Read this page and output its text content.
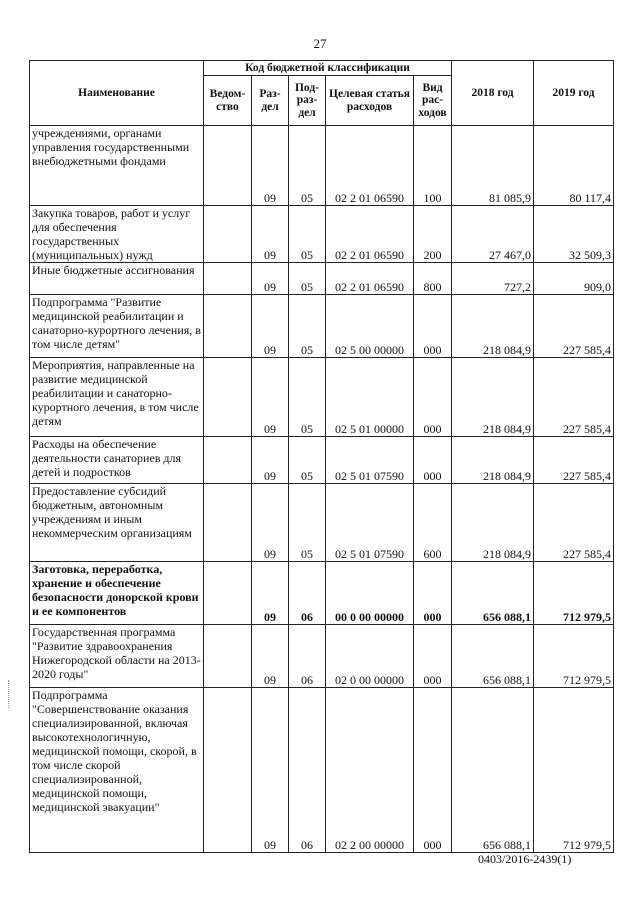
27
Наименование	Код бюджетной классификации					2018 год	2019 год
	Ведом-ство	Раз-дел	Под-раз-дел	Целевая статья расходов	Вид рас-ходов		
учреждениями, органами управления государственными внебюджетными фондами		09	05	02 2 01 06590	100	81 085,9	80 117,4
Закупка товаров, работ и услуг для обеспечения государственных (муниципальных) нужд		09	05	02 2 01 06590	200	27 467,0	32 509,3
Иные бюджетные ассигнования		09	05	02 2 01 06590	800	727,2	909,0
Подпрограмма "Развитие медицинской реабилитации и санаторно-курортного лечения, в том числе детям"		09	05	02 5 00 00000	000	218 084,9	227 585,4
Мероприятия, направленные на развитие медицинской реабилитации и санаторно-курортного лечения, в том числе детям		09	05	02 5 01 00000	000	218 084,9	227 585,4
Расходы на обеспечение деятельности санаториев для детей и подростков		09	05	02 5 01 07590	000	218 084,9	227 585,4
Предоставление субсидий бюджетным, автономным учреждениям и иным некоммерческим организациям		09	05	02 5 01 07590	600	218 084,9	227 585,4
Заготовка, переработка, хранение и обеспечение безопасности донорской крови и ее компонентов		09	06	00 0 00 00000	000	656 088,1	712 979,5
Государственная программа "Развитие здравоохранения Нижегородской области на 2013-2020 годы"		09	06	02 0 00 00000	000	656 088,1	712 979,5
Подпрограмма "Совершенствование оказания специализированной, включая высокотехнологичную, медицинской помощи, скорой, в том числе скорой специализированной, медицинской помощи, медицинской эвакуации"		09	06	02 2 00 00000	000	656 088,1	712 979,5
0403/2016-2439(1)
